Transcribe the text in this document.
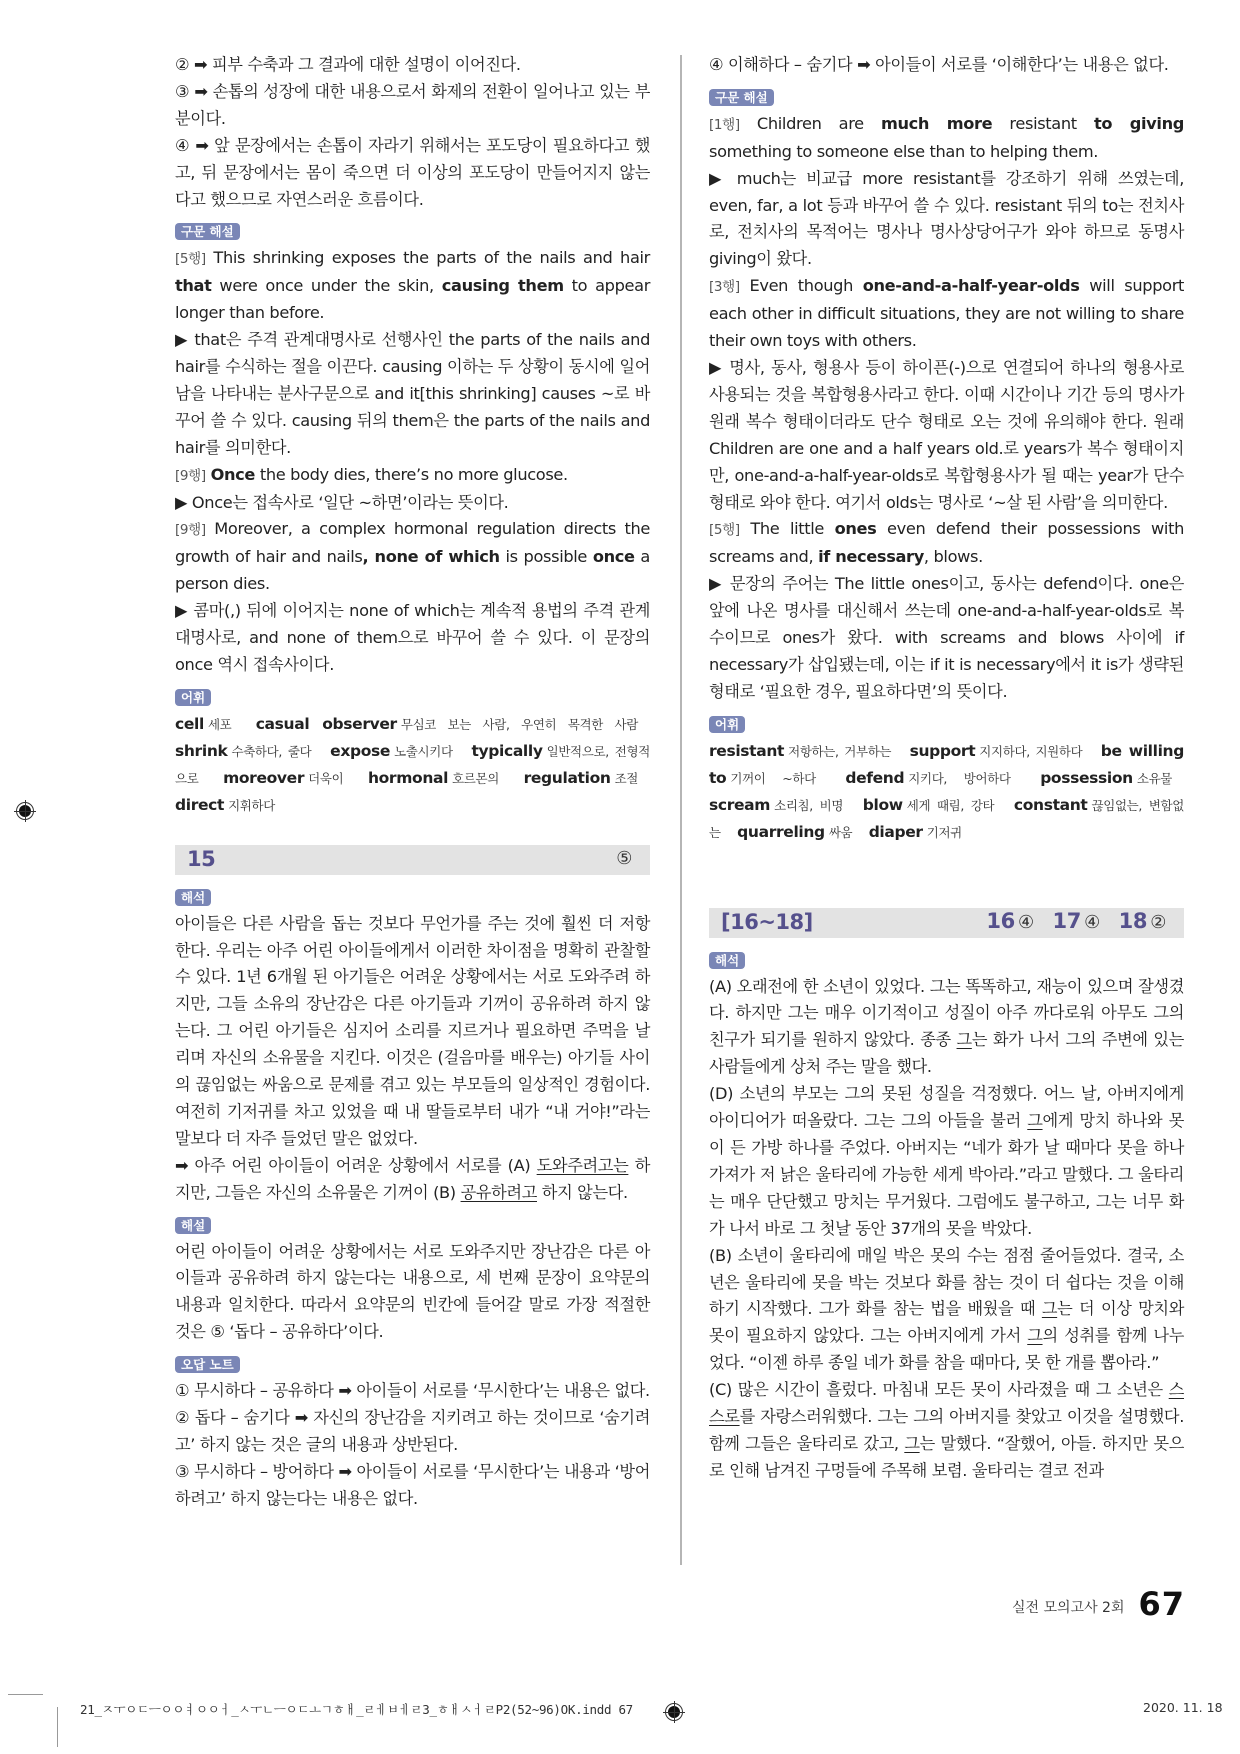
② ➡ 피부 수축과 그 결과에 대한 설명이 이어진다.
③ ➡ 손톱의 성장에 대한 내용으로서 화제의 전환이 일어나고 있는 부분이다.
④ ➡ 앞 문장에서는 손톱이 자라기 위해서는 포도당이 필요하다고 했고, 뒤 문장에서는 몸이 죽으면 더 이상의 포도당이 만들어지지 않는다고 했으므로 자연스러운 흐름이다.
구문 해설
[5행] This shrinking exposes the parts of the nails and hair that were once under the skin, causing them to appear longer than before.
▶ that은 주격 관계대명사로 선행사인 the parts of the nails and hair를 수식하는 절을 이끈다. causing 이하는 두 상황이 동시에 일어남을 나타내는 분사구문으로 and it[this shrinking] causes ~로 바꾸어 쓸 수 있다. causing 뒤의 them은 the parts of the nails and hair를 의미한다.
[9행] Once the body dies, there’s no more glucose.
▶ Once는 접속사로 ‘일단 ~하면’이라는 뜻이다.
[9행] Moreover, a complex hormonal regulation directs the growth of hair and nails, none of which is possible once a person dies.
▶ 콤마(,) 뒤에 이어지는 none of which는 계속적 용법의 주격 관계대명사로, and none of them으로 바꾸어 쓸 수 있다. 이 문장의 once 역시 접속사이다.
어휘
cell 세포 casual observer 무심코 보는 사람, 우연히 목격한 사람 shrink 수축하다, 줄다 expose 노출시키다 typically 일반적으로, 전형적으로 moreover 더욱이 hormonal 호르몬의 regulation 조절 direct 지휘하다
15	⑤
해석
아이들은 다른 사람을 돕는 것보다 무언가를 주는 것에 훨씬 더 저항한다. 우리는 아주 어린 아이들에게서 이러한 차이점을 명확히 관찰할 수 있다. 1년 6개월 된 아기들은 어려운 상황에서는 서로 도와주려 하지만, 그들 소유의 장난감은 다른 아기들과 기꺼이 공유하려 하지 않는다. 그 어린 아기들은 심지어 소리를 지르거나 필요하면 주먹을 날리며 자신의 소유물을 지킨다. 이것은 (걸음마를 배우는) 아기들 사이의 끊임없는 싸움으로 문제를 겪고 있는 부모들의 일상적인 경험이다. 여전히 기저귀를 차고 있었을 때 내 딸들로부터 내가 “내 거야!”라는 말보다 더 자주 들었던 말은 없었다.
➡ 아주 어린 아이들이 어려운 상황에서 서로를 (A) 도와주려고는 하지만, 그들은 자신의 소유물은 기꺼이 (B) 공유하려고 하지 않는다.
해설
어린 아이들이 어려운 상황에서는 서로 도와주지만 장난감은 다른 아이들과 공유하려 하지 않는다는 내용으로, 세 번째 문장이 요약문의 내용과 일치한다. 따라서 요약문의 빈칸에 들어갈 말로 가장 적절한 것은 ⑤ ‘돕다 – 공유하다’이다.
오답 노트
① 무시하다 – 공유하다 ➡ 아이들이 서로를 ‘무시한다’는 내용은 없다.
② 돕다 – 숨기다 ➡ 자신의 장난감을 지키려고 하는 것이므로 ‘숨기려고’ 하지 않는 것은 글의 내용과 상반된다.
③ 무시하다 – 방어하다 ➡ 아이들이 서로를 ‘무시한다’는 내용과 ‘방어하려고’ 하지 않는다는 내용은 없다.
④ 이해하다 – 숨기다 ➡ 아이들이 서로를 ‘이해한다’는 내용은 없다.
구문 해설
[1행] Children are much more resistant to giving something to someone else than to helping them.
▶ much는 비교급 more resistant를 강조하기 위해 쓰였는데, even, far, a lot 등과 바꾸어 쓸 수 있다. resistant 뒤의 to는 전치사로, 전치사의 목적어는 명사나 명사상당어구가 와야 하므로 동명사 giving이 왔다.
[3행] Even though one-and-a-half-year-olds will support each other in difficult situations, they are not willing to share their own toys with others.
▶ 명사, 동사, 형용사 등이 하이픈(-)으로 연결되어 하나의 형용사로 사용되는 것을 복합형용사라고 한다. 이때 시간이나 기간 등의 명사가 원래 복수 형태이더라도 단수 형태로 오는 것에 유의해야 한다. 원래 Children are one and a half years old.로 years가 복수 형태이지만, one-and-a-half-year-olds로 복합형용사가 될 때는 year가 단수 형태로 와야 한다. 여기서 olds는 명사로 ‘~살 된 사람’을 의미한다.
[5행] The little ones even defend their possessions with screams and, if necessary, blows.
▶ 문장의 주어는 The little ones이고, 동사는 defend이다. one은 앞에 나온 명사를 대신해서 쓰는데 one-and-a-half-year-olds로 복수이므로 ones가 왔다. with screams and blows 사이에 if necessary가 삽입됐는데, 이는 if it is necessary에서 it is가 생략된 형태로 ‘필요한 경우, 필요하다면’의 뜻이다.
어휘
resistant 저항하는, 거부하는 support 지지하다, 지원하다 be willing to 기꺼이 ~하다 defend 지키다, 방어하다 possession 소유물 scream 소리침, 비명 blow 세게 때림, 강타 constant 끊임없는, 변함없는 quarreling 싸움 diaper 기저귀
[16~18]	16 ④ 17 ④ 18 ②
해석
(A) 오래전에 한 소년이 있었다. 그는 똑똑하고, 재능이 있으며 잘생겼다. 하지만 그는 매우 이기적이고 성질이 아주 까다로워 아무도 그의 친구가 되기를 원하지 않았다. 종종 그는 화가 나서 그의 주변에 있는 사람들에게 상처 주는 말을 했다.
(D) 소년의 부모는 그의 못된 성질을 걱정했다. 어느 날, 아버지에게 아이디어가 떠올랐다. 그는 그의 아들을 불러 그에게 망치 하나와 못이 든 가방 하나를 주었다. 아버지는 “네가 화가 날 때마다 못을 하나 가져가 저 낡은 울타리에 가능한 세게 박아라.”라고 말했다. 그 울타리는 매우 단단했고 망치는 무거웠다. 그럼에도 불구하고, 그는 너무 화가 나서 바로 그 첫날 동안 37개의 못을 박았다.
(B) 소년이 울타리에 매일 박은 못의 수는 점점 줄어들었다. 결국, 소년은 울타리에 못을 박는 것보다 화를 참는 것이 더 쉽다는 것을 이해하기 시작했다. 그가 화를 참는 법을 배웠을 때 그는 더 이상 망치와 못이 필요하지 않았다. 그는 아버지에게 가서 그의 성취를 함께 나누었다. “이젠 하루 종일 네가 화를 참을 때마다, 못 한 개를 뽑아라.”
(C) 많은 시간이 흘렀다. 마침내 모든 못이 사라졌을 때 그 소년은 스스로를 자랑스러워했다. 그는 그의 아버지를 찾았고 이것을 설명했다. 함께 그들은 울타리로 갔고, 그는 말했다. “잘했어, 아들. 하지만 못으로 인해 남겨진 구멍들에 주목해 보렴. 울타리는 결코 전과
실전 모의고사 2회 67
21_ㅈㅜㅇㄷㅡㅇㅇㅕㅇㅇㅓ_ㅅㅜㄴㅡㅇㄷㅗㄱㅎㅐ_ㄹㅔㅂㅔㄹ3_ㅎㅐㅅㅓㄹP2(52~96)OK.indd 67	2020. 11. 18
